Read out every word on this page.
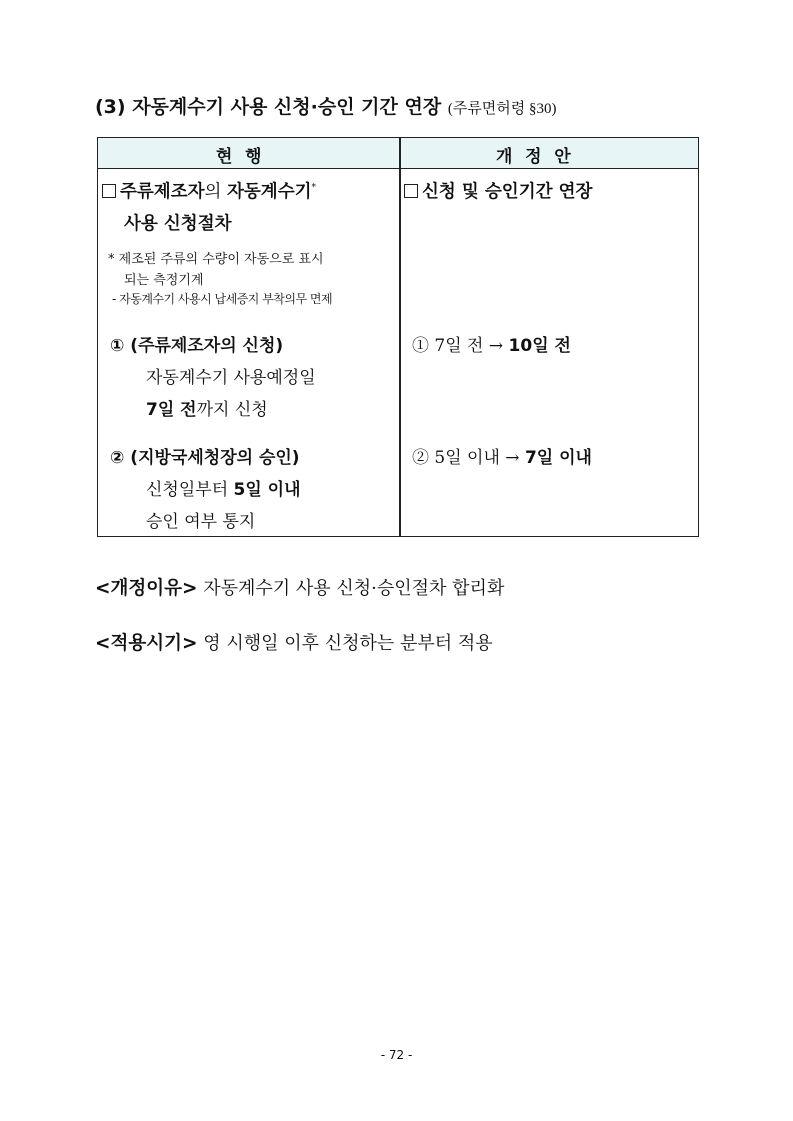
(3) 자동계수기 사용 신청·승인 기간 연장 (주류면허령 §30)
현 행	개 정 안
주류제조자의 자동계수기*
사용 신청절차
* 제조된 주류의 수량이 자동으로 표시
되는 측정기계
- 자동계수기 사용시 납세증지 부착의무 면제
① (주류제조자의 신청)
자동계수기 사용예정일
7일 전까지 신청
② (지방국세청장의 승인)
신청일부터 5일 이내
승인 여부 통지
신청 및 승인기간 연장
① 7일 전 → 10일 전
② 5일 이내 → 7일 이내
<개정이유> 자동계수기 사용 신청·승인절차 합리화
<적용시기> 영 시행일 이후 신청하는 분부터 적용
- 72 -
